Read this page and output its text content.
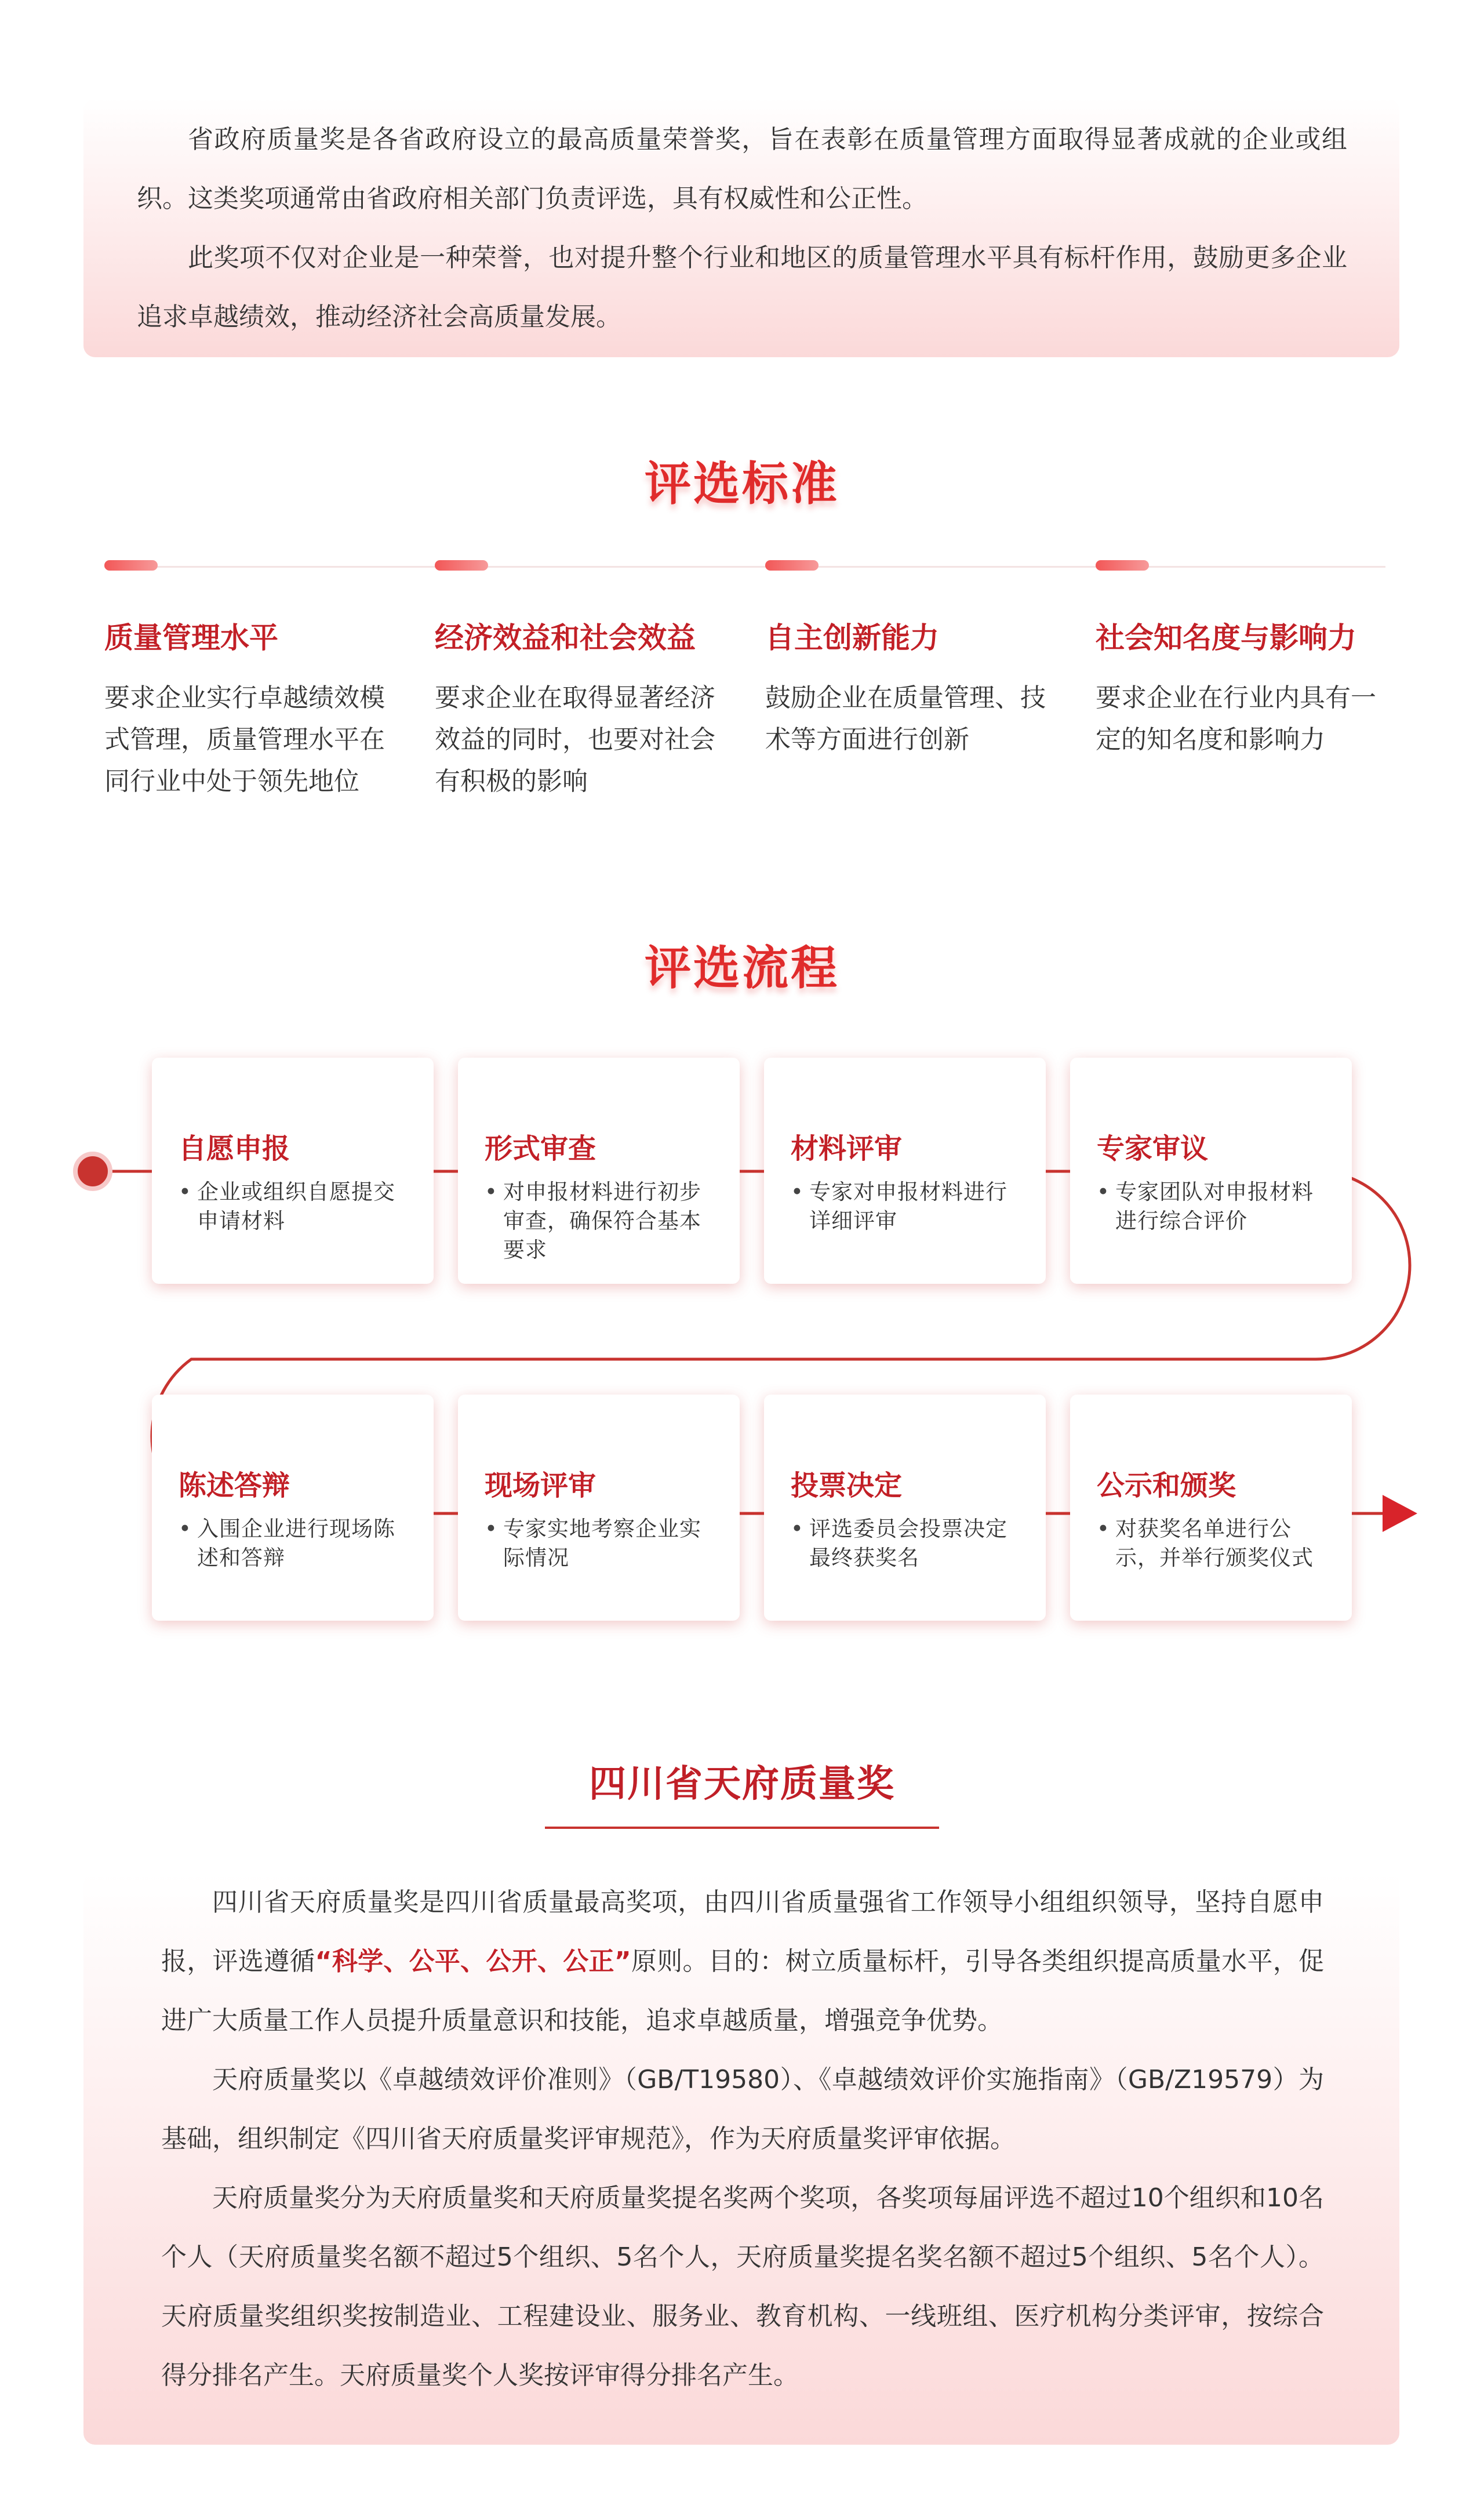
省政府质量奖是各省政府设立的最高质量荣誉奖，旨在表彰在质量管理方面取得显著成就的企业或组织。这类奖项通常由省政府相关部门负责评选，具有权威性和公正性。

此奖项不仅对企业是一种荣誉，也对提升整个行业和地区的质量管理水平具有标杆作用，鼓励更多企业追求卓越绩效，推动经济社会高质量发展。

评选标准
质量管理水平
要求企业实行卓越绩效模式管理，质量管理水平在同行业中处于领先地位
经济效益和社会效益
要求企业在取得显著经济效益的同时，也要对社会有积极的影响
自主创新能力
鼓励企业在质量管理、技术等方面进行创新
社会知名度与影响力
要求企业在行业内具有一定的知名度和影响力
评选流程
自愿申报
• 企业或组织自愿提交申请材料
形式审查
• 对申报材料进行初步审查，确保符合基本要求
材料评审
• 专家对申报材料进行详细评审
专家审议
• 专家团队对申报材料进行综合评价
陈述答辩
• 入围企业进行现场陈述和答辩
现场评审
• 专家实地考察企业实际情况
投票决定
• 评选委员会投票决定最终获奖名
公示和颁奖
• 对获奖名单进行公示，并举行颁奖仪式
四川省天府质量奖

四川省天府质量奖是四川省质量最高奖项，由四川省质量强省工作领导小组组织领导，坚持自愿申报，评选遵循“科学、公平、公开、公正”原则。目的：树立质量标杆，引导各类组织提高质量水平，促进广大质量工作人员提升质量意识和技能，追求卓越质量，增强竞争优势。

天府质量奖以《卓越绩效评价准则》（GB/T19580）、《卓越绩效评价实施指南》（GB/Z19579）为基础，组织制定《四川省天府质量奖评审规范》，作为天府质量奖评审依据。

天府质量奖分为天府质量奖和天府质量奖提名奖两个奖项，各奖项每届评选不超过10个组织和10名个人（天府质量奖名额不超过5个组织、5名个人，天府质量奖提名奖名额不超过5个组织、5名个人）。天府质量奖组织奖按制造业、工程建设业、服务业、教育机构、一线班组、医疗机构分类评审，按综合得分排名产生。天府质量奖个人奖按评审得分排名产生。
